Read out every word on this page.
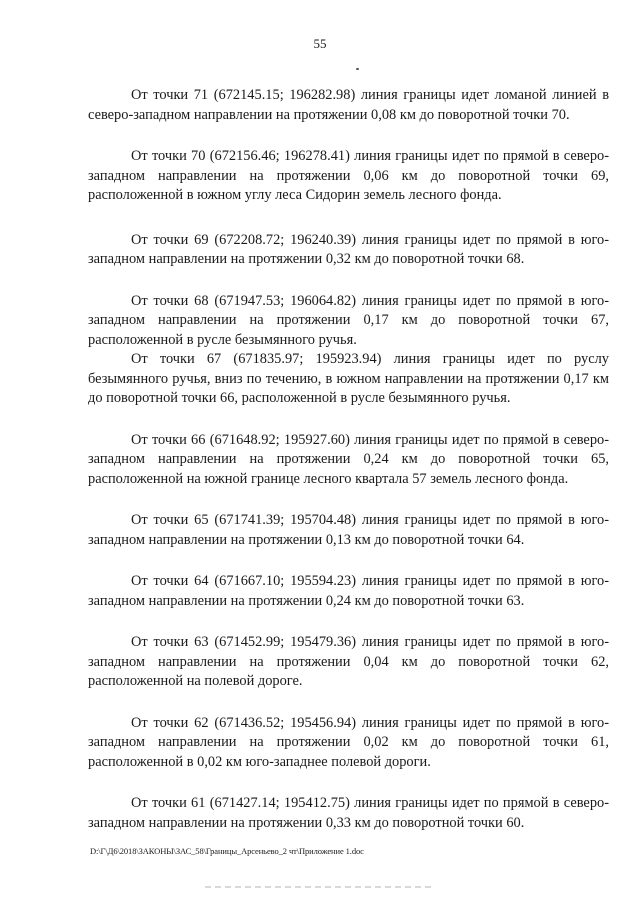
55

От точки 71 (672145.15; 196282.98) линия границы идет ломаной линией в северо-западном направлении на протяжении 0,08 км до поворотной точки 70.

От точки 70 (672156.46; 196278.41) линия границы идет по прямой в северо-западном направлении на протяжении 0,06 км до поворотной точки 69, расположенной в южном углу леса Сидорин земель лесного фонда.

От точки 69 (672208.72; 196240.39) линия границы идет по прямой в юго-западном направлении на протяжении 0,32 км до поворотной точки 68.

От точки 68 (671947.53; 196064.82) линия границы идет по прямой в юго-западном направлении на протяжении 0,17 км до поворотной точки 67, расположенной в русле безымянного ручья.

От точки 67 (671835.97; 195923.94) линия границы идет по руслу безымянного ручья, вниз по течению, в южном направлении на протяжении 0,17 км до поворотной точки 66, расположенной в русле безымянного ручья.

От точки 66 (671648.92; 195927.60) линия границы идет по прямой в северо-западном направлении на протяжении 0,24 км до поворотной точки 65, расположенной на южной границе лесного квартала 57 земель лесного фонда.

От точки 65 (671741.39; 195704.48) линия границы идет по прямой в юго-западном направлении на протяжении 0,13 км до поворотной точки 64.

От точки 64 (671667.10; 195594.23) линия границы идет по прямой в юго-западном направлении на протяжении 0,24 км до поворотной точки 63.

От точки 63 (671452.99; 195479.36) линия границы идет по прямой в юго-западном направлении на протяжении 0,04 км до поворотной точки 62, расположенной на полевой дороге.

От точки 62 (671436.52; 195456.94) линия границы идет по прямой в юго-западном направлении на протяжении 0,02 км до поворотной точки 61, расположенной в 0,02 км юго-западнее полевой дороги.

От точки 61 (671427.14; 195412.75) линия границы идет по прямой в северо-западном направлении на протяжении 0,33 км до поворотной точки 60.

D:\Г\Д6\2018\ЗАКОНЫ\ЗАС_58\Границы_Арсеньево_2 чт\Приложение 1.doc
